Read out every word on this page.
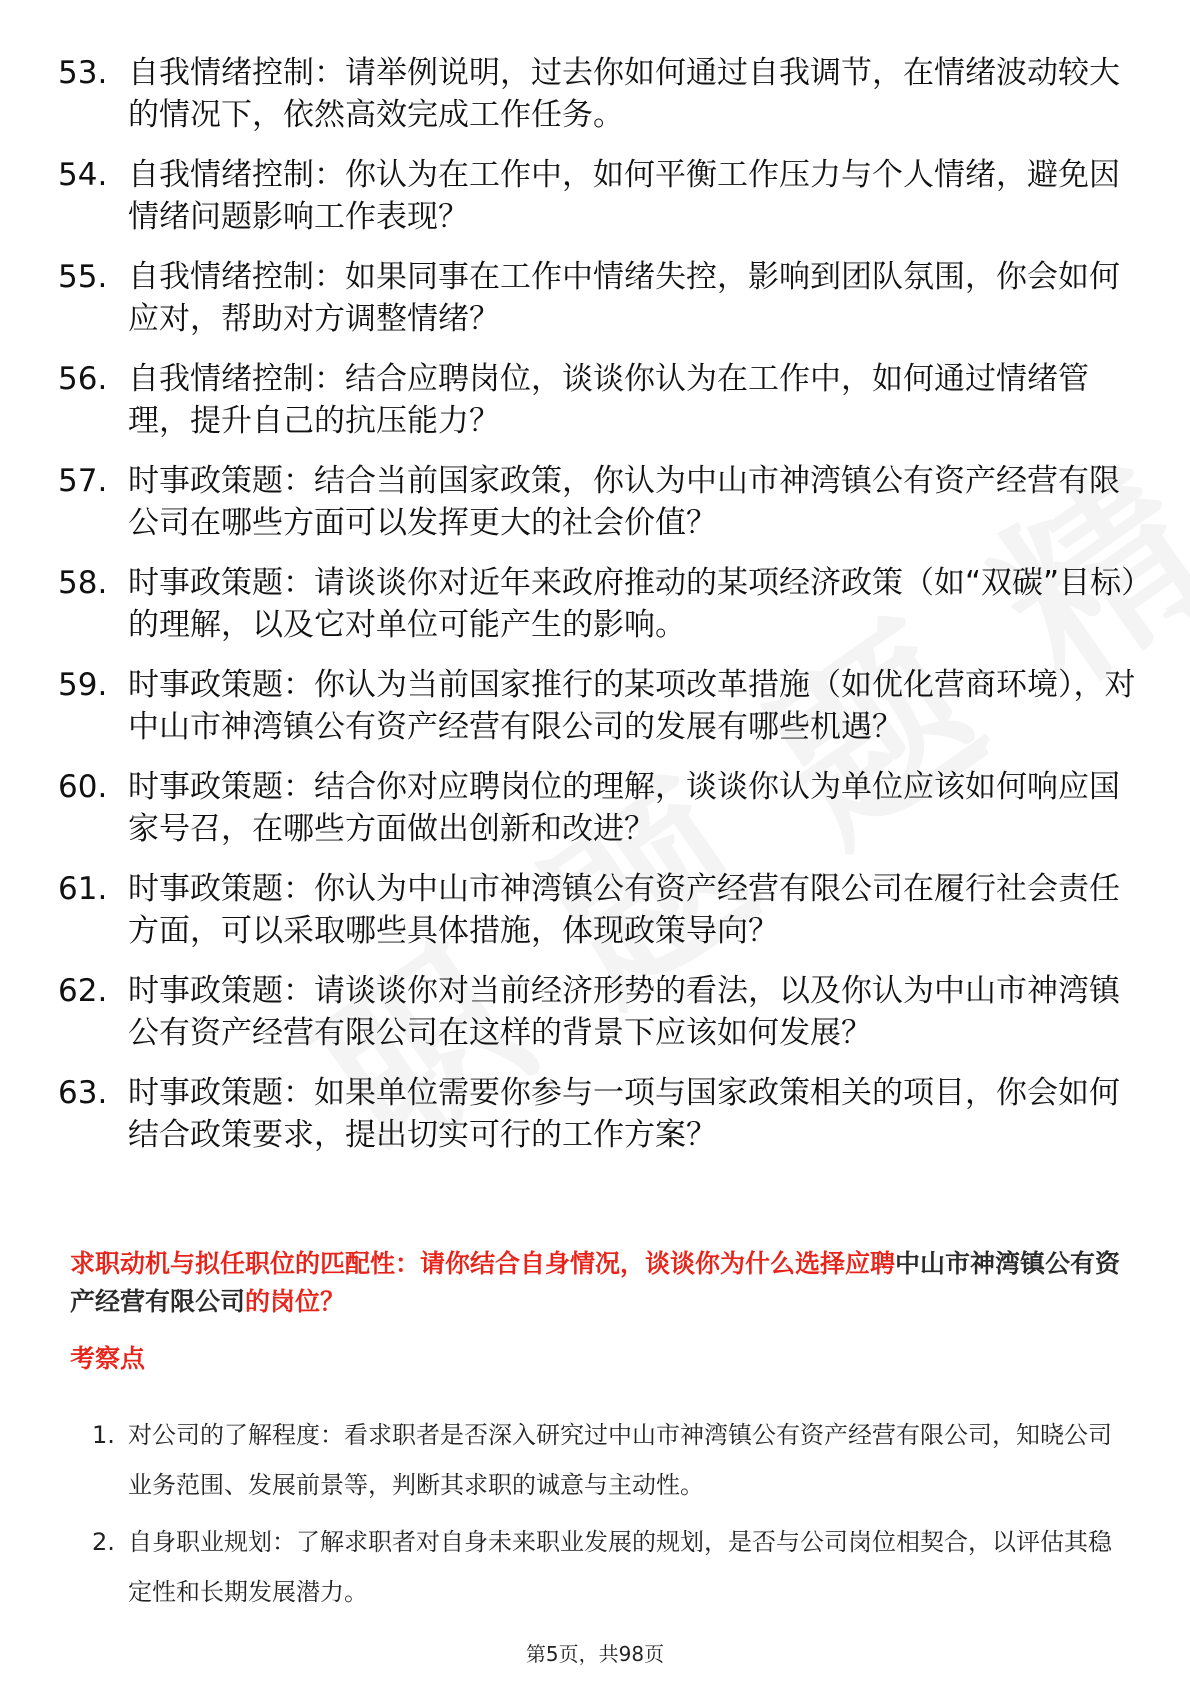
53. 自我情绪控制：请举例说明，过去你如何通过自我调节，在情绪波动较大的情况下，依然高效完成工作任务。
54. 自我情绪控制：你认为在工作中，如何平衡工作压力与个人情绪，避免因情绪问题影响工作表现？
55. 自我情绪控制：如果同事在工作中情绪失控，影响到团队氛围，你会如何应对，帮助对方调整情绪？
56. 自我情绪控制：结合应聘岗位，谈谈你认为在工作中，如何通过情绪管理，提升自己的抗压能力？
57. 时事政策题：结合当前国家政策，你认为中山市神湾镇公有资产经营有限公司在哪些方面可以发挥更大的社会价值？
58. 时事政策题：请谈谈你对近年来政府推动的某项经济政策（如“双碳”目标）的理解，以及它对单位可能产生的影响。
59. 时事政策题：你认为当前国家推行的某项改革措施（如优化营商环境），对中山市神湾镇公有资产经营有限公司的发展有哪些机遇？
60. 时事政策题：结合你对应聘岗位的理解，谈谈你认为单位应该如何响应国家号召，在哪些方面做出创新和改进？
61. 时事政策题：你认为中山市神湾镇公有资产经营有限公司在履行社会责任方面，可以采取哪些具体措施，体现政策导向？
62. 时事政策题：请谈谈你对当前经济形势的看法，以及你认为中山市神湾镇公有资产经营有限公司在这样的背景下应该如何发展？
63. 时事政策题：如果单位需要你参与一项与国家政策相关的项目，你会如何结合政策要求，提出切实可行的工作方案？
求职动机与拟任职位的匹配性：请你结合自身情况，谈谈你为什么选择应聘中山市神湾镇公有资产经营有限公司的岗位？
考察点
1. 对公司的了解程度：看求职者是否深入研究过中山市神湾镇公有资产经营有限公司，知晓公司业务范围、发展前景等，判断其求职的诚意与主动性。
2. 自身职业规划：了解求职者对自身未来职业发展的规划，是否与公司岗位相契合，以评估其稳定性和长期发展潜力。
第5页，共98页
